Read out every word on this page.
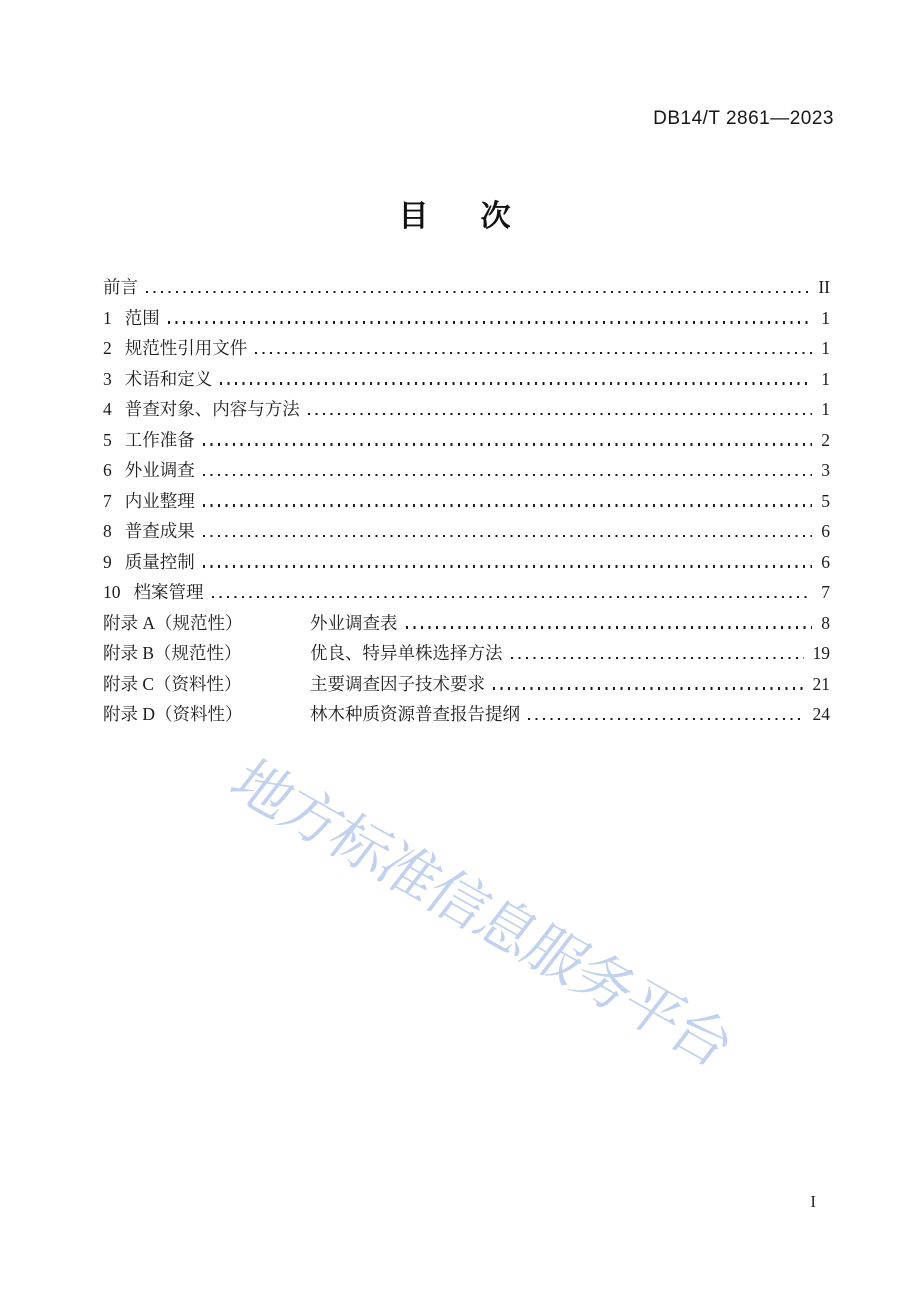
DB14/T 2861—2023
目　次
前言	II
1 范围	1
2 规范性引用文件	1
3 术语和定义	1
4 普查对象、内容与方法	1
5 工作准备	2
6 外业调查	3
7 内业整理	5
8 普查成果	6
9 质量控制	6
10 档案管理	7
附录 A（规范性）	外业调查表	8
附录 B（规范性）	优良、特异单株选择方法	19
附录 C（资料性）	主要调查因子技术要求	21
附录 D（资料性）	林木种质资源普查报告提纲	24
地方标准信息服务平台
I
